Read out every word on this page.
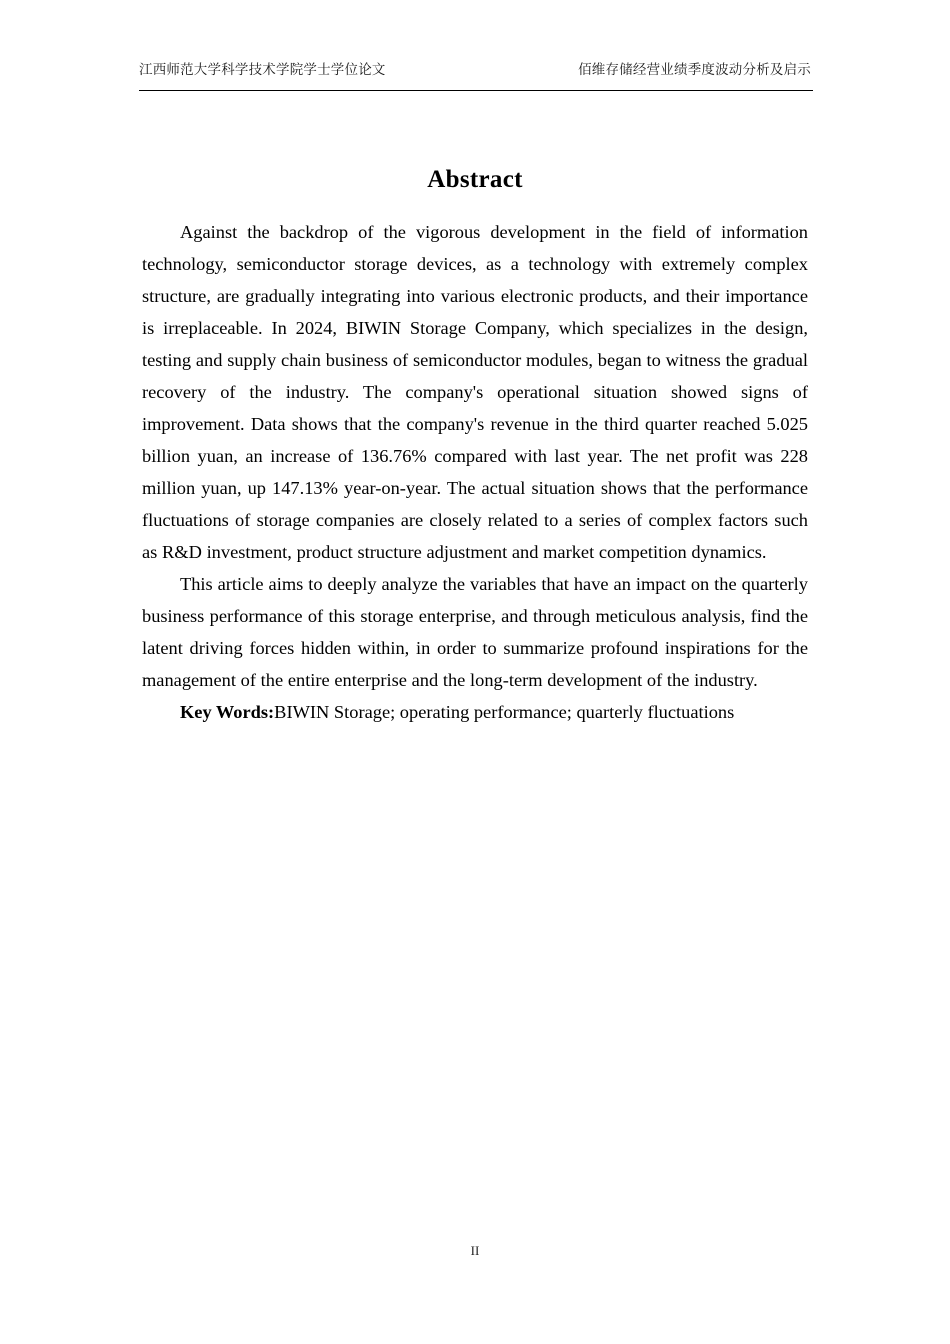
江西师范大学科学技术学院学士学位论文	佰维存储经营业绩季度波动分析及启示
Abstract

Against the backdrop of the vigorous development in the field of information technology, semiconductor storage devices, as a technology with extremely complex structure, are gradually integrating into various electronic products, and their importance is irreplaceable. In 2024, BIWIN Storage Company, which specializes in the design, testing and supply chain business of semiconductor modules, began to witness the gradual recovery of the industry. The company's operational situation showed signs of improvement. Data shows that the company's revenue in the third quarter reached 5.025 billion yuan, an increase of 136.76% compared with last year. The net profit was 228 million yuan, up 147.13% year-on-year. The actual situation shows that the performance fluctuations of storage companies are closely related to a series of complex factors such as R&D investment, product structure adjustment and market competition dynamics.

This article aims to deeply analyze the variables that have an impact on the quarterly business performance of this storage enterprise, and through meticulous analysis, find the latent driving forces hidden within, in order to summarize profound inspirations for the management of the entire enterprise and the long-term development of the industry.

Key Words:BIWIN Storage; operating performance; quarterly fluctuations

II
